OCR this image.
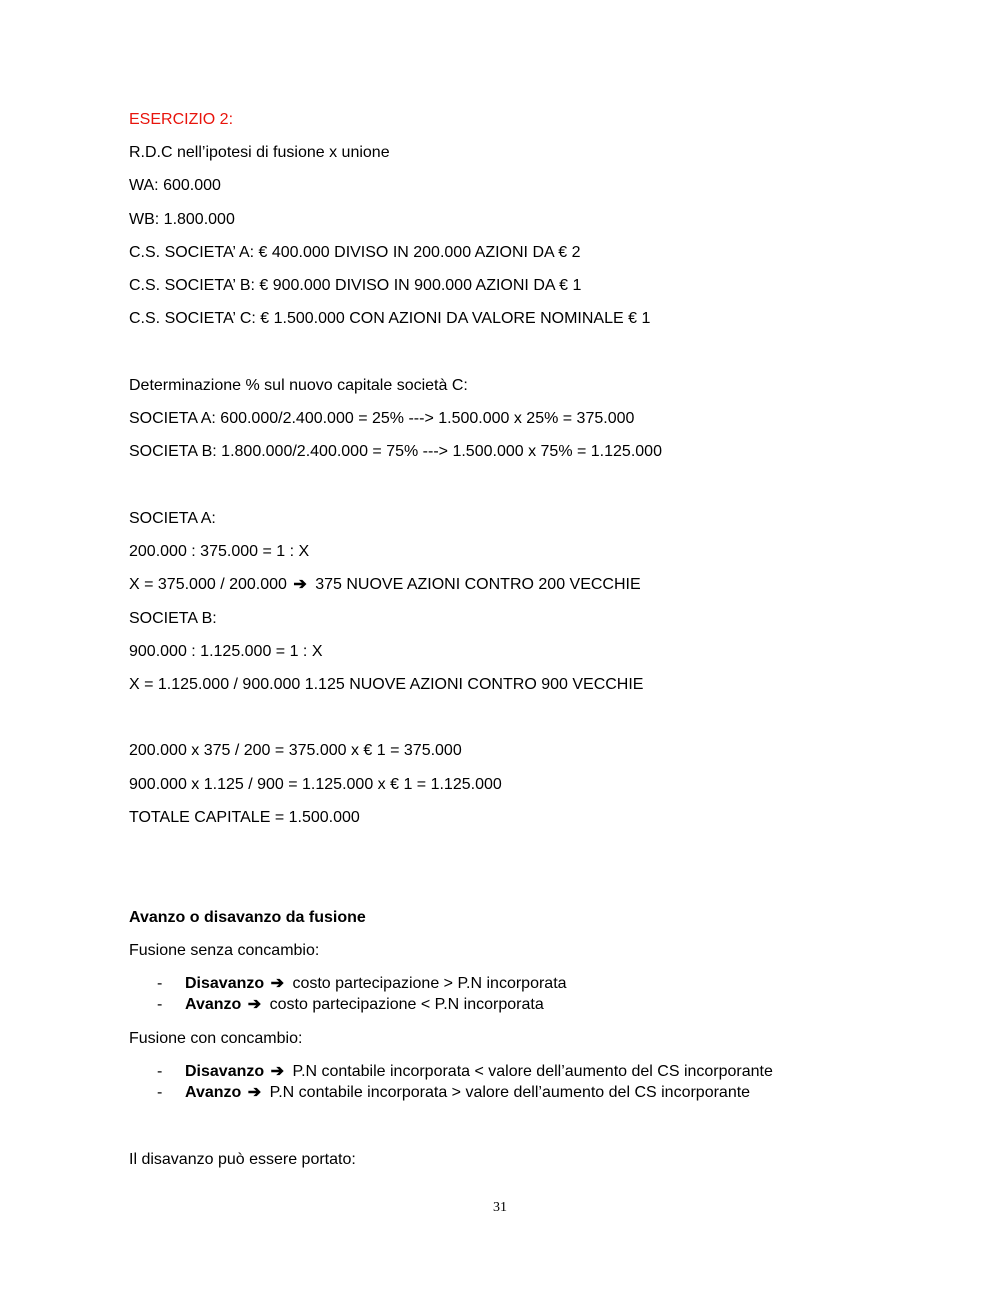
ESERCIZIO 2:
R.D.C nell’ipotesi di fusione x unione
WA: 600.000
WB: 1.800.000
C.S. SOCIETA’ A: € 400.000 DIVISO IN 200.000 AZIONI DA € 2
C.S. SOCIETA’ B: € 900.000 DIVISO IN 900.000 AZIONI DA € 1
C.S. SOCIETA’ C: € 1.500.000 CON AZIONI DA VALORE NOMINALE € 1
Determinazione % sul nuovo capitale società C:
SOCIETA A: 600.000/2.400.000 = 25% ---> 1.500.000 x 25% = 375.000
SOCIETA B: 1.800.000/2.400.000 = 75% ---> 1.500.000 x 75% = 1.125.000
SOCIETA A:
200.000 : 375.000 = 1 : X
X = 375.000 / 200.000 ➔ 375 NUOVE AZIONI CONTRO 200 VECCHIE
SOCIETA B:
900.000 : 1.125.000 = 1 : X
X = 1.125.000 / 900.000 1.125 NUOVE AZIONI CONTRO 900 VECCHIE
200.000 x 375 / 200 = 375.000 x € 1 = 375.000
900.000 x 1.125 / 900 = 1.125.000 x € 1 = 1.125.000
TOTALE CAPITALE = 1.500.000
Avanzo o disavanzo da fusione
Fusione senza concambio:
- Disavanzo ➔ costo partecipazione > P.N incorporata
- Avanzo ➔ costo partecipazione < P.N incorporata
Fusione con concambio:
- Disavanzo ➔ P.N contabile incorporata < valore dell’aumento del CS incorporante
- Avanzo ➔ P.N contabile incorporata > valore dell’aumento del CS incorporante
Il disavanzo può essere portato:
31
